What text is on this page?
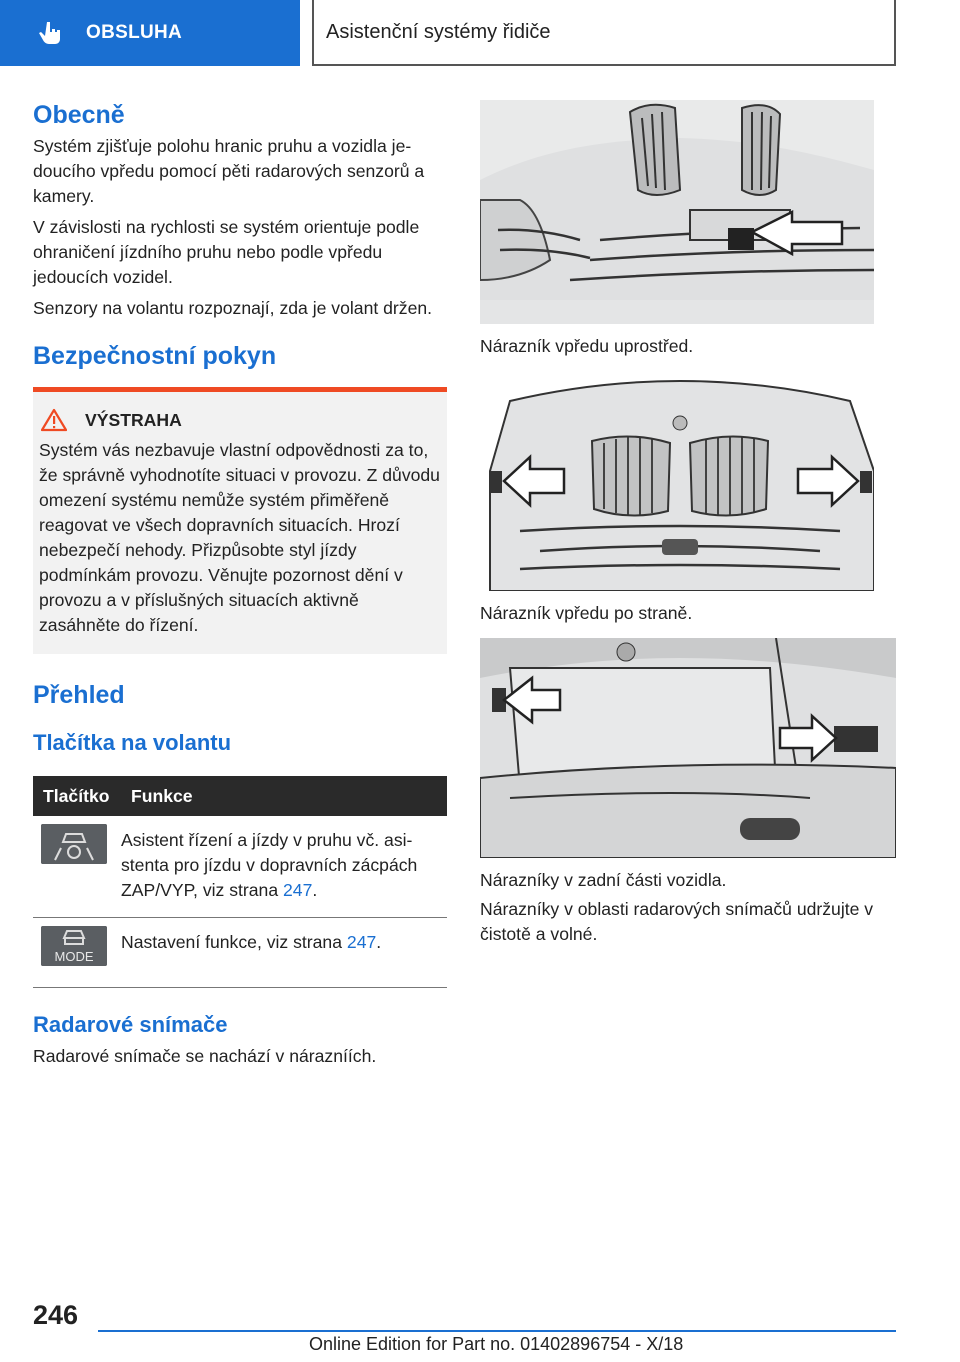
OBSLUHA	Asistenční systémy řidiče
Obecně

Systém zjišťuje polohu hranic pruhu a vozidla jedoucího vpředu pomocí pěti radarových senzorů a kamery.

V závislosti na rychlosti se systém orientuje podle ohraničení jízdního pruhu nebo podle vpředu jedoucích vozidel.

Senzory na volantu rozpoznají, zda je volant držen.

Bezpečnostní pokyn
VÝSTRAHA

Systém vás nezbavuje vlastní odpovědnosti za to, že správně vyhodnotíte situaci v provozu. Z důvodu omezení systému nemůže systém přiměřeně reagovat ve všech dopravních situacích. Hrozí nebezpečí nehody. Přizpůsobte styl jízdy podmínkám provozu. Věnujte pozornost dění v provozu a v příslušných situacích aktivně zasáhněte do řízení.

Přehled
Tlačítka na volantu
Tlačítko	Funkce
	Asistent řízení a jízdy v pruhu vč. asistenta pro jízdu v dopravních zácpách ZAP/VYP, viz strana 247.

MODE	Nastavení funkce, viz strana 247.
Radarové snímače

Radarové snímače se nachází v nárazníích.

Nárazník vpředu uprostřed.

Nárazník vpředu po straně.

Nárazníky v zadní části vozidla.

Nárazníky v oblasti radarových snímačů udržujte v čistotě a volné.

246
Online Edition for Part no. 01402896754 - X/18
